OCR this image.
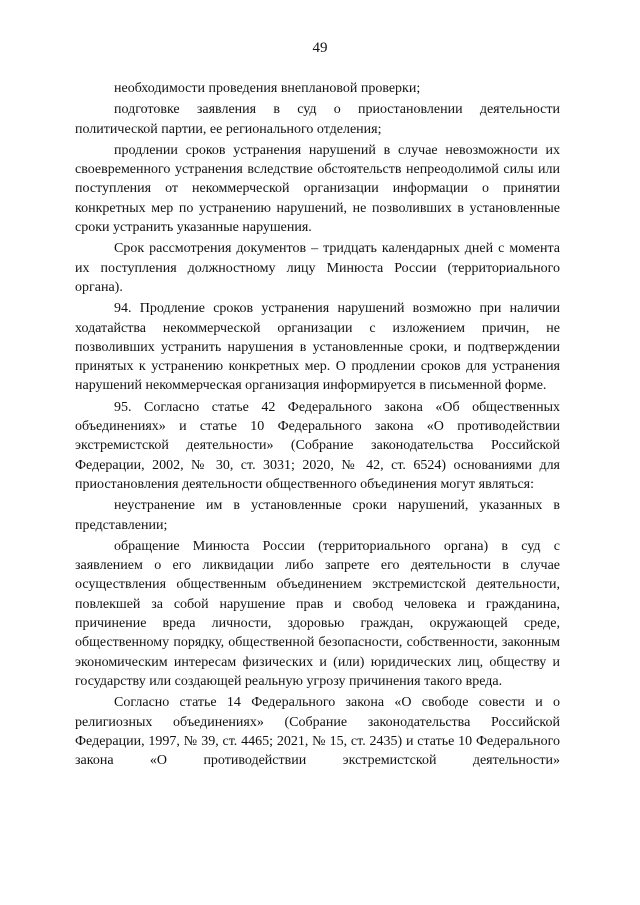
49

необходимости проведения внеплановой проверки;

подготовке заявления в суд о приостановлении деятельности политической партии, ее регионального отделения;

продлении сроков устранения нарушений в случае невозможности их своевременного устранения вследствие обстоятельств непреодолимой силы или поступления от некоммерческой организации информации о принятии конкретных мер по устранению нарушений, не позволивших в установленные сроки устранить указанные нарушения.

Срок рассмотрения документов – тридцать календарных дней с момента их поступления должностному лицу Минюста России (территориального органа).

94. Продление сроков устранения нарушений возможно при наличии ходатайства некоммерческой организации с изложением причин, не позволивших устранить нарушения в установленные сроки, и подтверждении принятых к устранению конкретных мер. О продлении сроков для устранения нарушений некоммерческая организация информируется в письменной форме.

95. Согласно статье 42 Федерального закона «Об общественных объединениях» и статье 10 Федерального закона «О противодействии экстремистской деятельности» (Собрание законодательства Российской Федерации, 2002, № 30, ст. 3031; 2020, № 42, ст. 6524) основаниями для приостановления деятельности общественного объединения могут являться:

неустранение им в установленные сроки нарушений, указанных в представлении;

обращение Минюста России (территориального органа) в суд с заявлением о его ликвидации либо запрете его деятельности в случае осуществления общественным объединением экстремистской деятельности, повлекшей за собой нарушение прав и свобод человека и гражданина, причинение вреда личности, здоровью граждан, окружающей среде, общественному порядку, общественной безопасности, собственности, законным экономическим интересам физических и (или) юридических лиц, обществу и государству или создающей реальную угрозу причинения такого вреда.

Согласно статье 14 Федерального закона «О свободе совести и о религиозных объединениях» (Собрание законодательства Российской Федерации, 1997, № 39, ст. 4465; 2021, № 15, ст. 2435) и статье 10 Федерального закона «О противодействии экстремистской деятельности»
